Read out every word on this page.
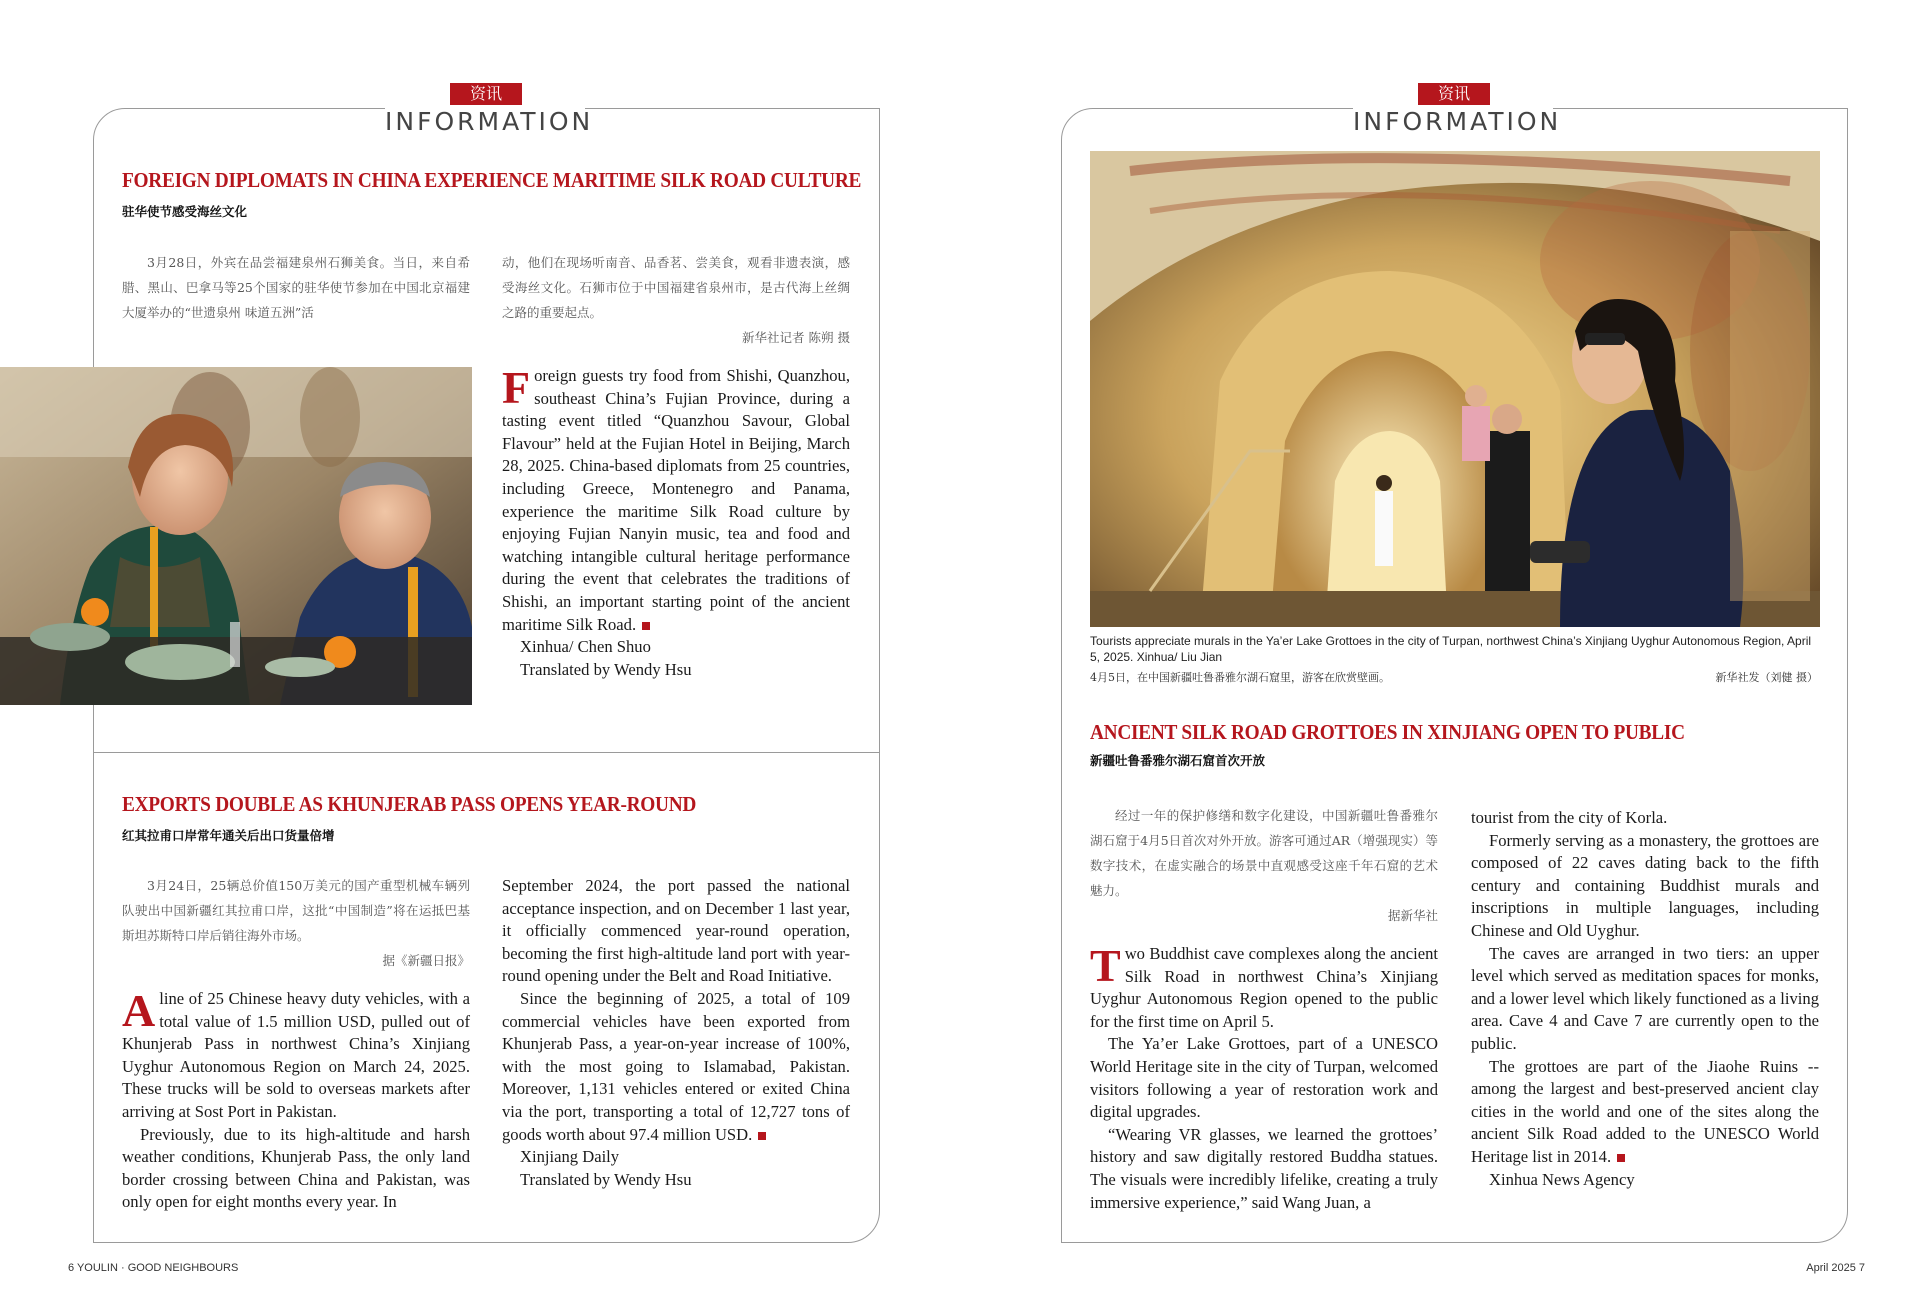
资讯
INFORMATION
FOREIGN DIPLOMATS IN CHINA EXPERIENCE MARITIME SILK ROAD CULTURE
驻华使节感受海丝文化

3月28日，外宾在品尝福建泉州石狮美食。当日，来自希腊、黑山、巴拿马等25个国家的驻华使节参加在中国北京福建大厦举办的“世遗泉州 味道五洲”活

动，他们在现场听南音、品香茗、尝美食，观看非遗表演，感受海丝文化。石狮市位于中国福建省泉州市，是古代海上丝绸之路的重要起点。

新华社记者 陈朔 摄

Foreign guests try food from Shishi, Quanzhou, southeast China’s Fujian Province, during a tasting event titled “Quanzhou Savour, Global Flavour” held at the Fujian Hotel in Beijing, March 28, 2025. China-based diplomats from 25 countries, including Greece, Montenegro and Panama, experience the maritime Silk Road culture by enjoying Fujian Nanyin music, tea and food and watching intangible cultural heritage performance during the event that celebrates the traditions of Shishi, an important starting point of the ancient maritime Silk Road.

Xinhua/ Chen Shuo

Translated by Wendy Hsu

EXPORTS DOUBLE AS KHUNJERAB PASS OPENS YEAR-ROUND
红其拉甫口岸常年通关后出口货量倍增

3月24日，25辆总价值150万美元的国产重型机械车辆列队驶出中国新疆红其拉甫口岸，这批“中国制造”将在运抵巴基斯坦苏斯特口岸后销往海外市场。

据《新疆日报》

Aline of 25 Chinese heavy duty vehicles, with a total value of 1.5 million USD, pulled out of Khunjerab Pass in northwest China’s Xinjiang Uyghur Autonomous Region on March 24, 2025. These trucks will be sold to overseas markets after arriving at Sost Port in Pakistan.

Previously, due to its high-altitude and harsh weather conditions, Khunjerab Pass, the only land border crossing between China and Pakistan, was only open for eight months every year. In

September 2024, the port passed the national acceptance inspection, and on December 1 last year, it officially commenced year-round operation, becoming the first high-altitude land port with year-round opening under the Belt and Road Initiative.

Since the beginning of 2025, a total of 109 commercial vehicles have been exported from Khunjerab Pass, a year-on-year increase of 100%, with the most going to Islamabad, Pakistan. Moreover, 1,131 vehicles entered or exited China via the port, transporting a total of 12,727 tons of goods worth about 97.4 million USD.

Xinjiang Daily

Translated by Wendy Hsu

6 YOULIN · GOOD NEIGHBOURS
资讯
INFORMATION
Tourists appreciate murals in the Ya’er Lake Grottoes in the city of Turpan, northwest China’s Xinjiang Uyghur Autonomous Region, April 5, 2025. Xinhua/ Liu Jian
4月5日，在中国新疆吐鲁番雅尔湖石窟里，游客在欣赏壁画。	新华社发（刘健 摄）
ANCIENT SILK ROAD GROTTOES IN XINJIANG OPEN TO PUBLIC
新疆吐鲁番雅尔湖石窟首次开放

经过一年的保护修缮和数字化建设，中国新疆吐鲁番雅尔湖石窟于4月5日首次对外开放。游客可通过AR（增强现实）等数字技术，在虚实融合的场景中直观感受这座千年石窟的艺术魅力。

据新华社

Two Buddhist cave complexes along the ancient Silk Road in northwest China’s Xinjiang Uyghur Autonomous Region opened to the public for the first time on April 5.

The Ya’er Lake Grottoes, part of a UNESCO World Heritage site in the city of Turpan, welcomed visitors following a year of restoration work and digital upgrades.

“Wearing VR glasses, we learned the grottoes’ history and saw digitally restored Buddha statues. The visuals were incredibly lifelike, creating a truly immersive experience,” said Wang Juan, a

tourist from the city of Korla.

Formerly serving as a monastery, the grottoes are composed of 22 caves dating back to the fifth century and containing Buddhist murals and inscriptions in multiple languages, including Chinese and Old Uyghur.

The caves are arranged in two tiers: an upper level which served as meditation spaces for monks, and a lower level which likely functioned as a living area. Cave 4 and Cave 7 are currently open to the public.

The grottoes are part of the Jiaohe Ruins -- among the largest and best-preserved ancient clay cities in the world and one of the sites along the ancient Silk Road added to the UNESCO World Heritage list in 2014.

Xinhua News Agency

April 2025 7
